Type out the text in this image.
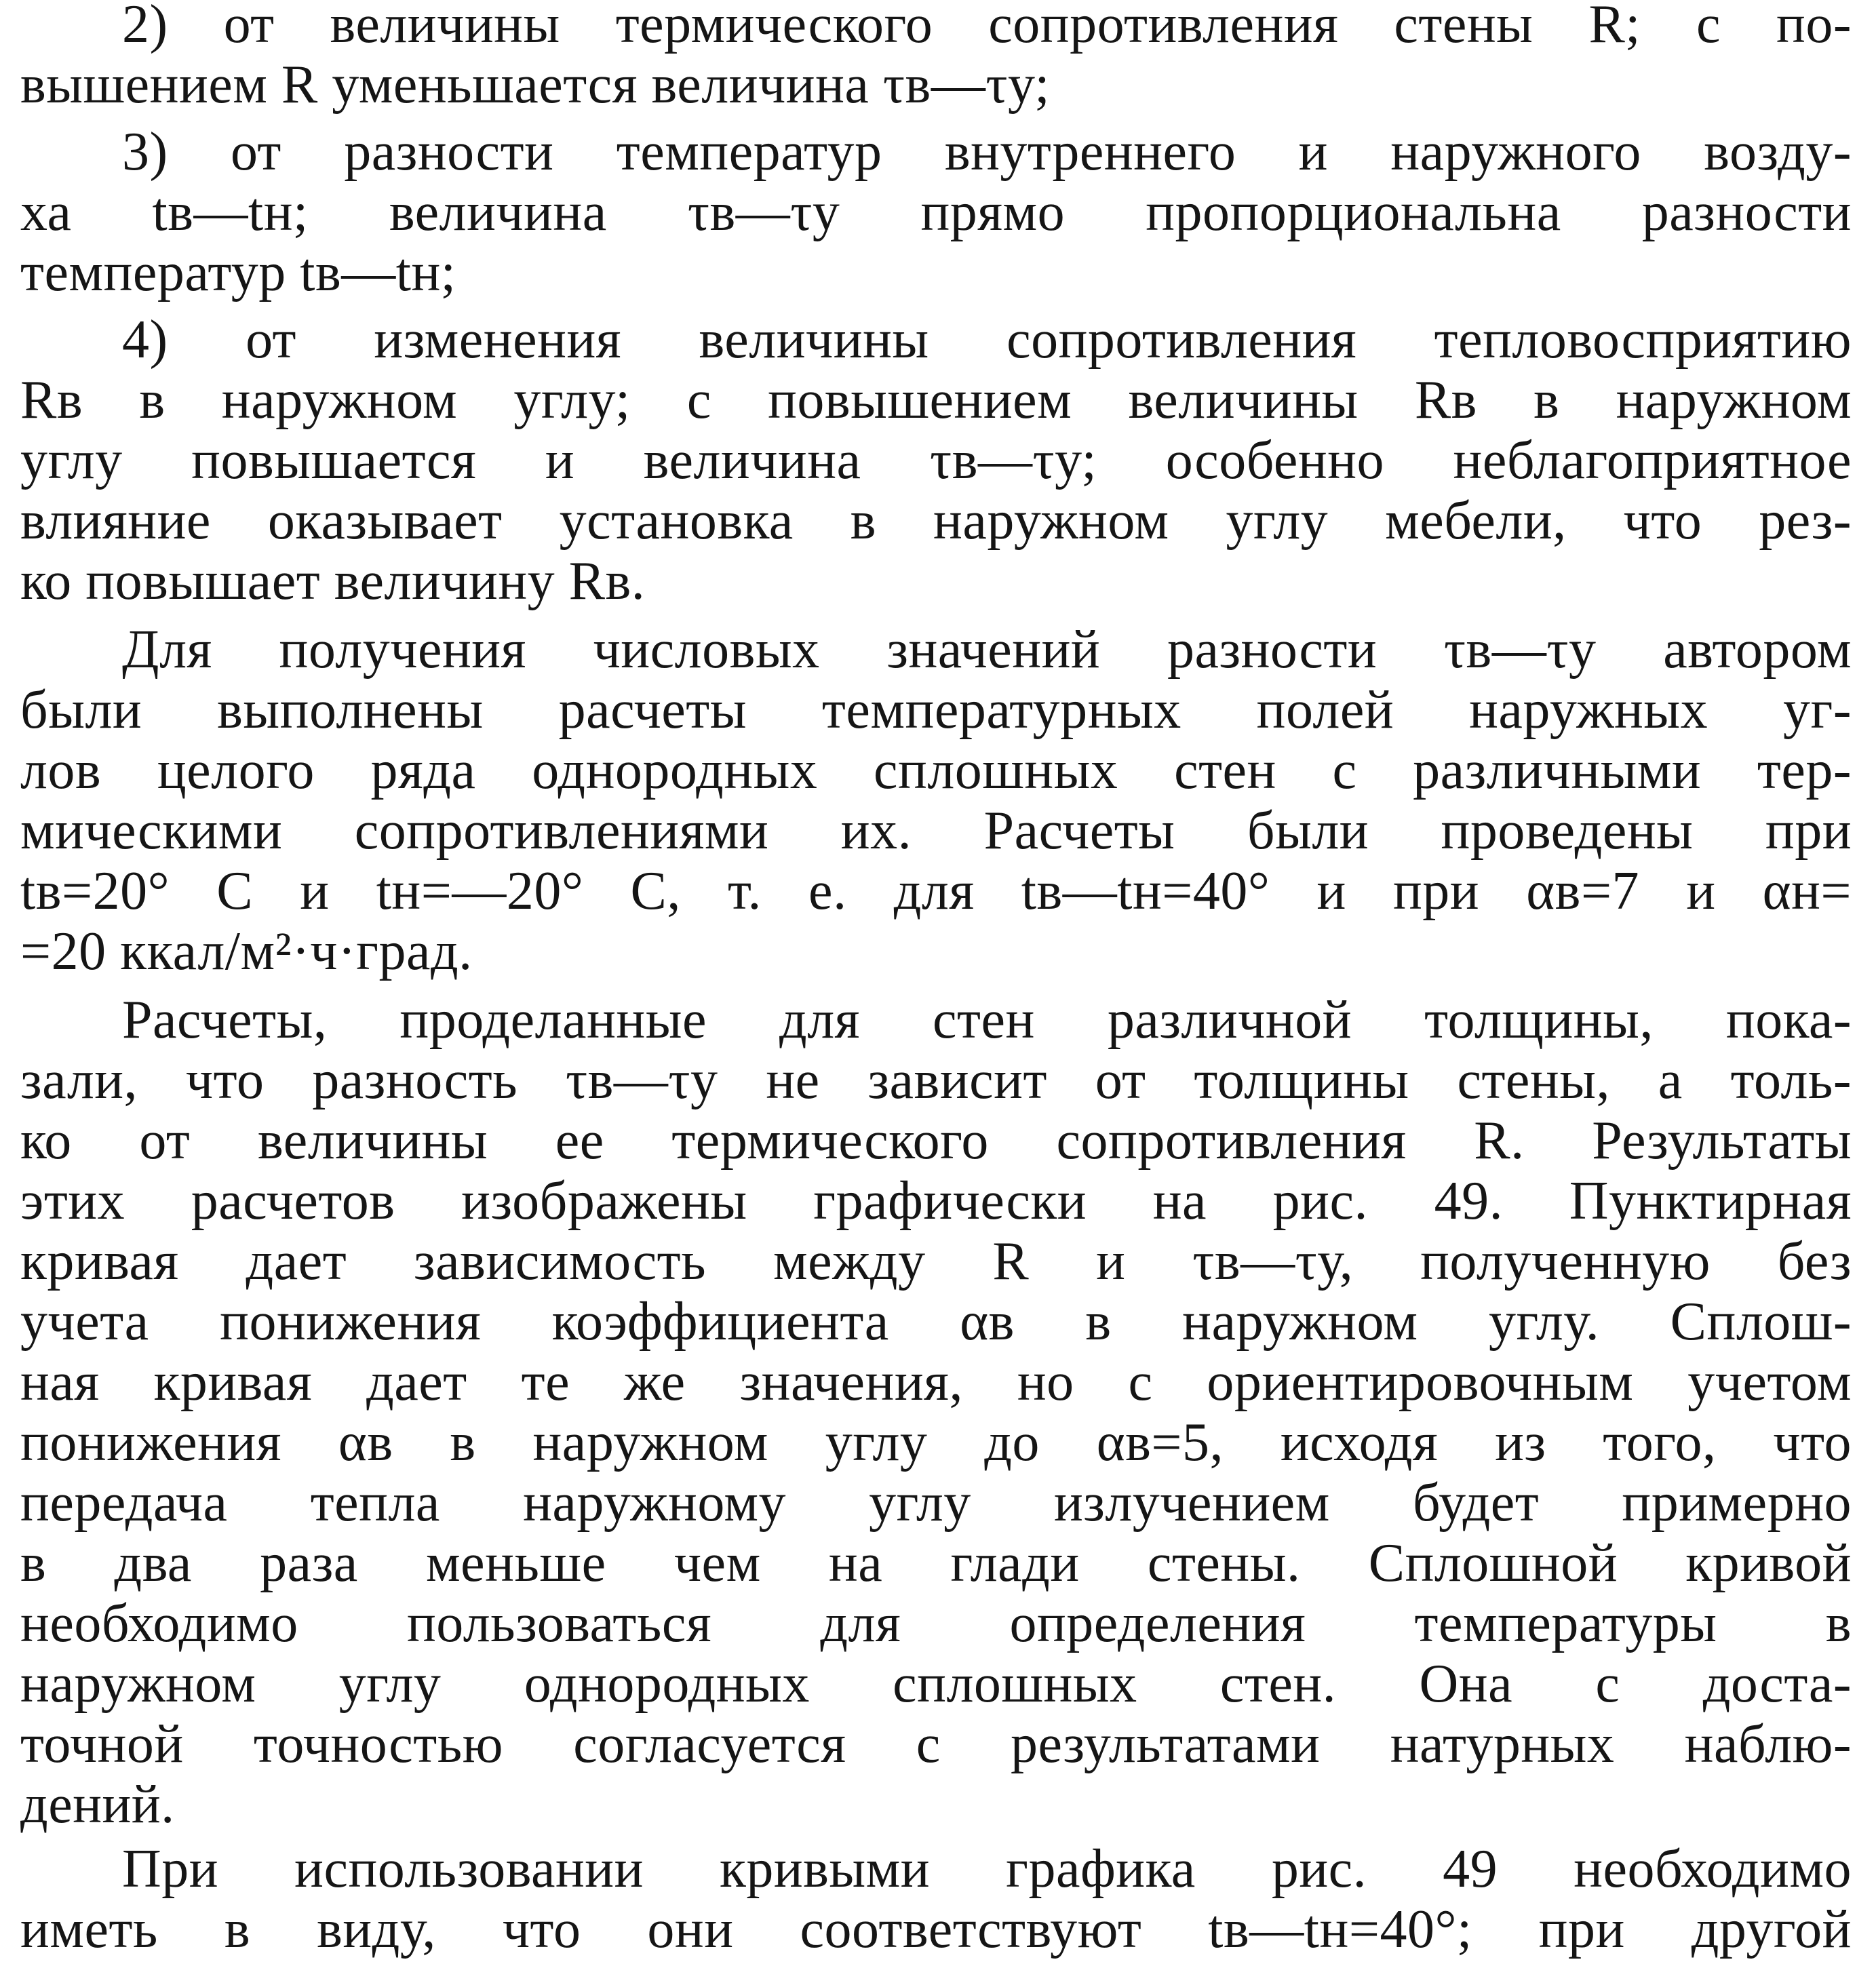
2) от величины термического сопротивления стены R; с по-
вышением R уменьшается величина τв—τу;
3) от разности температур внутреннего и наружного возду-
ха tв—tн; величина τв—τу прямо пропорциональна разности
температур tв—tн;
4) от изменения величины сопротивления тепловосприятию
Rв в наружном углу; с повышением величины Rв в наружном
углу повышается и величина τв—τу; особенно неблагоприятное
влияние оказывает установка в наружном углу мебели, что рез-
ко повышает величину Rв.
Для получения числовых значений разности τв—τу автором
были выполнены расчеты температурных полей наружных уг-
лов целого ряда однородных сплошных стен с различными тер-
мическими сопротивлениями их. Расчеты были проведены при
tв=20° С и tн=—20° С, т. е. для tв—tн=40° и при αв=7 и αн=
=20 ккал/м²·ч·град.
Расчеты, проделанные для стен различной толщины, пока-
зали, что разность τв—τу не зависит от толщины стены, а толь-
ко от величины ее термического сопротивления R. Результаты
этих расчетов изображены графически на рис. 49. Пунктирная
кривая дает зависимость между R и τв—τу, полученную без
учета понижения коэффициента αв в наружном углу. Сплош-
ная кривая дает те же значения, но с ориентировочным учетом
понижения αв в наружном углу до αв=5, исходя из того, что
передача тепла наружному углу излучением будет примерно
в два раза меньше чем на глади стены. Сплошной кривой
необходимо пользоваться для определения температуры в
наружном углу однородных сплошных стен. Она с доста-
точной точностью согласуется с результатами натурных наблю-
дений.
При использовании кривыми графика рис. 49 необходимо
иметь в виду, что они соответствуют tв—tн=40°; при другой
